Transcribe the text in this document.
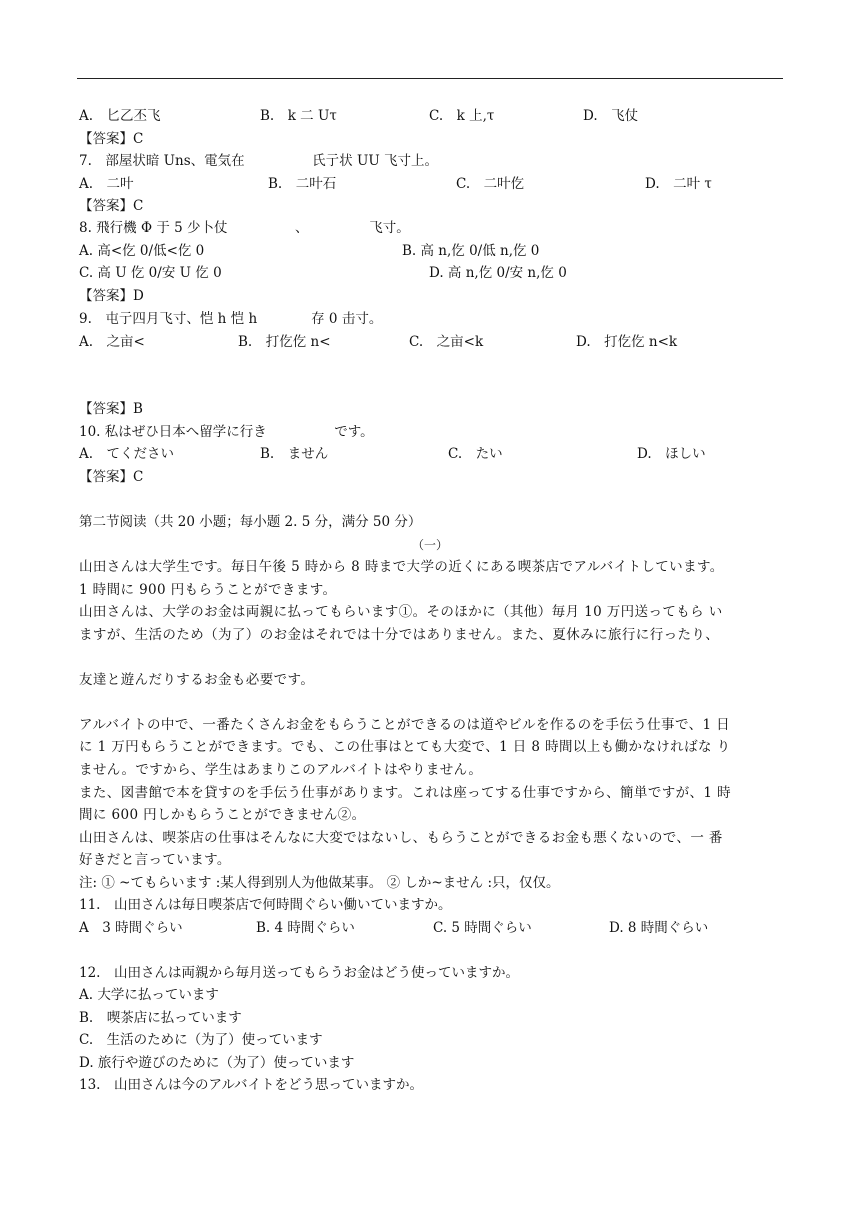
A.　匕乙丕飞	B.　k 二 Uτ	C.　k 上,τ	D.　飞仗
【答案】C
7.　部屋状暗 Uns、電気在　　　　　氏亍状 UU 飞寸上。
A.　二叶	B.　二叶石	C.　二叶仡	D.　二叶 τ
【答案】C
8. 飛行機 Φ 于 5 少卜仗　　　　　、　　　　　飞寸。
A. 高<仡 0/低<仡 0	B. 高 n,仡 0/低 n,仡 0
C. 高 U 仡 0/安 U 仡 0	D. 高 n,仡 0/安 n,仡 0
【答案】D
9.　屯亍四月飞寸、恺 h 恺 h　　　　存 0 击寸。
A.　之亩<	B.　打仡仡 n<	C.　之亩<k	D.　打仡仡 n<k
【答案】B
10. 私はぜひ日本へ留学に行き　　　　　です。
A.　てください	B.　ません	C.　たい	D.　ほしい
【答案】C
第二节阅读（共 20 小题；每小题 2. 5 分，满分 50 分）
（一）
山田さんは大学生です。毎日午後 5 時から 8 時まで大学の近くにある喫茶店でアルバイトしています。
1 時間に 900 円もらうことができます。
山田さんは、大学のお金は両親に払ってもらいます①。そのほかに（其他）毎月 10 万円送ってもら い
ますが、生活のため（为了）のお金はそれでは十分ではありません。また、夏休みに旅行に行ったり、
友達と遊んだりするお金も必要です。
アルバイトの中で、一番たくさんお金をもらうことができるのは道やビルを作るのを手伝う仕事で、1 日
に 1 万円もらうことができます。でも、この仕事はとても大変で、1 日 8 時間以上も働かなければな り
ません。ですから、学生はあまりこのアルバイトはやりません。
また、図書館で本を貸すのを手伝う仕事があります。これは座ってする仕事ですから、簡単ですが、1 時
間に 600 円しかもらうことができません②。
山田さんは、喫茶店の仕事はそんなに大変ではないし、もらうことができるお金も悪くないので、一 番
好きだと言っています。
注: ① ~てもらいます :某人得到别人为他做某事。 ② しか~ません :只，仅仅。
11.　山田さんは毎日喫茶店で何時間ぐらい働いていますか。
A　3 時間ぐらい	B. 4 時間ぐらい	C. 5 時間ぐらい	D. 8 時間ぐらい
12.　山田さんは両親から毎月送ってもらうお金はどう使っていますか。
A. 大学に払っています
B.　喫茶店に払っています
C.　生活のために（为了）使っています
D. 旅行や遊びのために（为了）使っています
13.　山田さんは今のアルバイトをどう思っていますか。
